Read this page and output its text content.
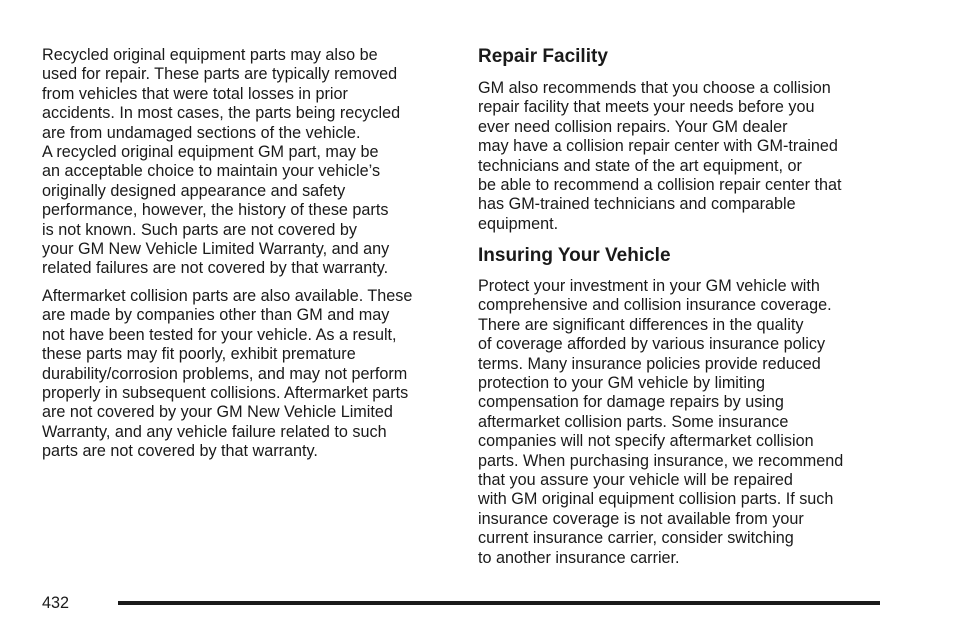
Recycled original equipment parts may also be
used for repair. These parts are typically removed
from vehicles that were total losses in prior
accidents. In most cases, the parts being recycled
are from undamaged sections of the vehicle.
A recycled original equipment GM part, may be
an acceptable choice to maintain your vehicle’s
originally designed appearance and safety
performance, however, the history of these parts
is not known. Such parts are not covered by
your GM New Vehicle Limited Warranty, and any
related failures are not covered by that warranty.
Aftermarket collision parts are also available. These
are made by companies other than GM and may
not have been tested for your vehicle. As a result,
these parts may fit poorly, exhibit premature
durability/corrosion problems, and may not perform
properly in subsequent collisions. Aftermarket parts
are not covered by your GM New Vehicle Limited
Warranty, and any vehicle failure related to such
parts are not covered by that warranty.
Repair Facility
GM also recommends that you choose a collision
repair facility that meets your needs before you
ever need collision repairs. Your GM dealer
may have a collision repair center with GM-trained
technicians and state of the art equipment, or
be able to recommend a collision repair center that
has GM-trained technicians and comparable
equipment.
Insuring Your Vehicle
Protect your investment in your GM vehicle with
comprehensive and collision insurance coverage.
There are significant differences in the quality
of coverage afforded by various insurance policy
terms. Many insurance policies provide reduced
protection to your GM vehicle by limiting
compensation for damage repairs by using
aftermarket collision parts. Some insurance
companies will not specify aftermarket collision
parts. When purchasing insurance, we recommend
that you assure your vehicle will be repaired
with GM original equipment collision parts. If such
insurance coverage is not available from your
current insurance carrier, consider switching
to another insurance carrier.
432
